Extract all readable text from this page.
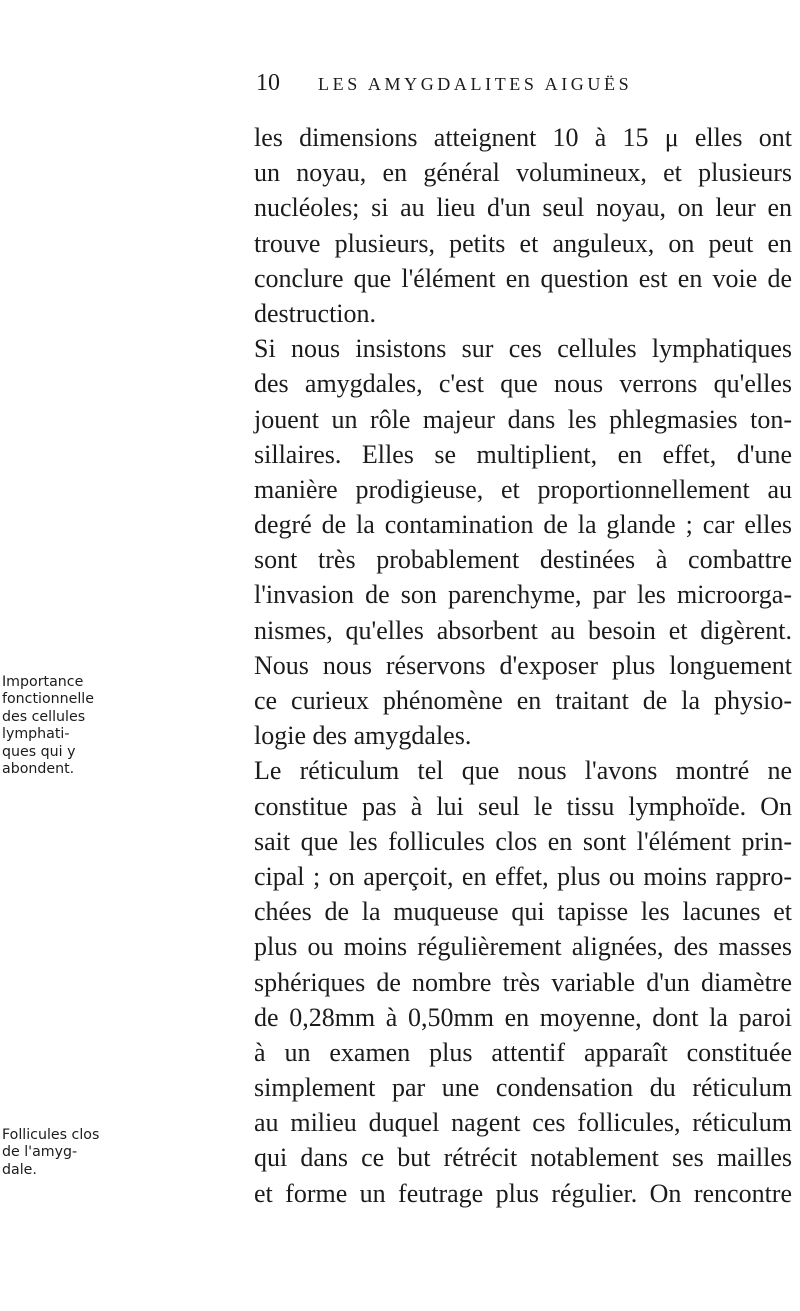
10 LES AMYGDALITES AIGUËS
Importance
fonctionnelle
des cellules
lymphati-
ques qui y
abondent.
Follicules clos
de l'amyg-
dale.
les dimensions atteignent 10 à 15 μ elles ont
un noyau, en général volumineux, et plusieurs
nucléoles; si au lieu d'un seul noyau, on leur en
trouve plusieurs, petits et anguleux, on peut en
conclure que l'élément en question est en voie de
destruction.
Si nous insistons sur ces cellules lymphatiques
des amygdales, c'est que nous verrons qu'elles
jouent un rôle majeur dans les phlegmasies ton-
sillaires. Elles se multiplient, en effet, d'une
manière prodigieuse, et proportionnellement au
degré de la contamination de la glande ; car elles
sont très probablement destinées à combattre
l'invasion de son parenchyme, par les microorga-
nismes, qu'elles absorbent au besoin et digèrent.
Nous nous réservons d'exposer plus longuement
ce curieux phénomène en traitant de la physio-
logie des amygdales.
Le réticulum tel que nous l'avons montré ne
constitue pas à lui seul le tissu lymphoïde. On
sait que les follicules clos en sont l'élément prin-
cipal ; on aperçoit, en effet, plus ou moins rappro-
chées de la muqueuse qui tapisse les lacunes et
plus ou moins régulièrement alignées, des masses
sphériques de nombre très variable d'un diamètre
de 0,28mm à 0,50mm en moyenne, dont la paroi
à un examen plus attentif apparaît constituée
simplement par une condensation du réticulum
au milieu duquel nagent ces follicules, réticulum
qui dans ce but rétrécit notablement ses mailles
et forme un feutrage plus régulier. On rencontre
